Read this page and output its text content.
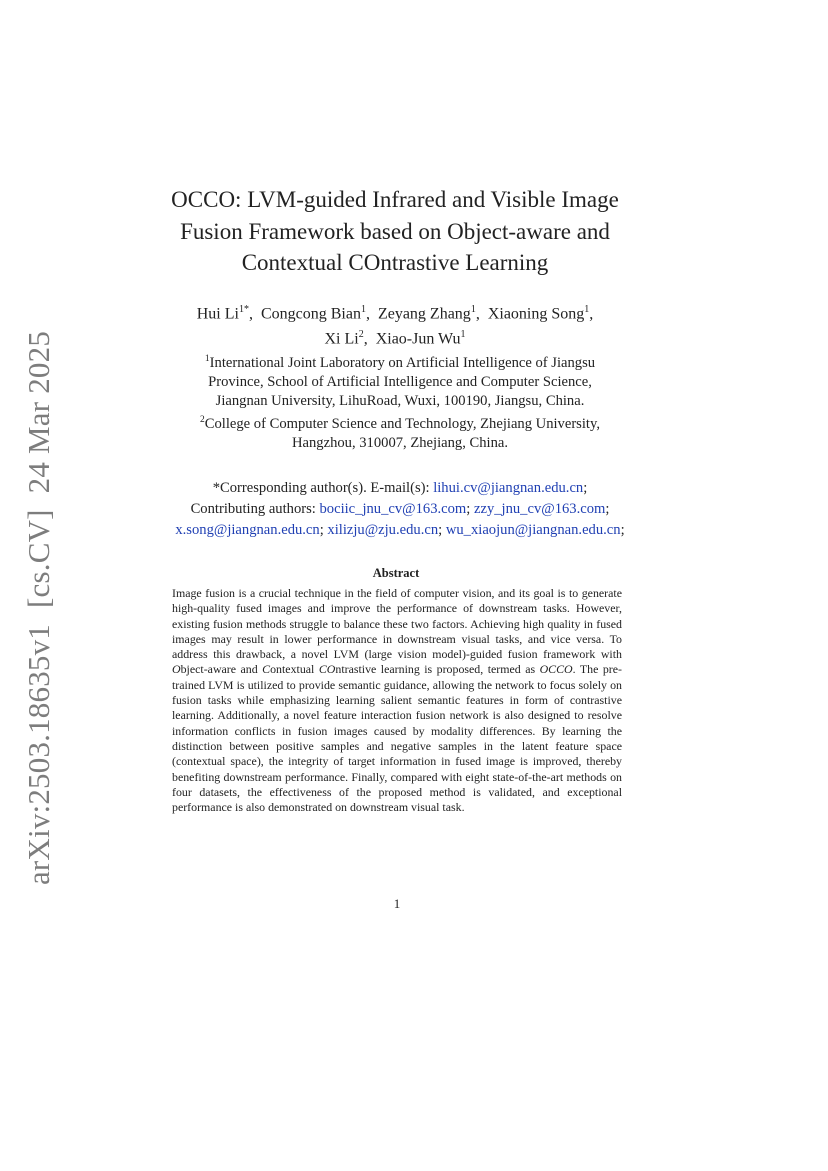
arXiv:2503.18635v1[cs.CV]24 Mar 2025
OCCO: LVM-guided Infrared and Visible Image
Fusion Framework based on Object-aware and
Contextual COntrastive Learning
Hui $Li^{1*}$,  Congcong Bian$^1$,  Zeyang Zhang$^1$,  Xiaoning Song$^1$,
Xi Li$^2$,  Xiao-Jun Wu$^1$
$^1$International Joint Laboratory on Artificial Intelligence of Jiangsu
Province, School of Artificial Intelligence and Computer Science,
Jiangnan University, LihuRoad, Wuxi, 100190, Jiangsu, China.
$^2$College of Computer Science and Technology, Zhejiang University,
Hangzhou, 310007, Zhejiang, China.
*Corresponding author(s). E-mail(s): lihui.cv@jiangnan.edu.cn;
Contributing authors: bociic_jnu_cv@163.com; zzy_jnu_cv@163.com;
x.song@jiangnan.edu.cn; xilizju@zju.edu.cn; wu_xiaojun@jiangnan.edu.cn;
Abstract
Image fusion is a crucial technique in the field of computer vision, and its goal is to generate high-quality fused images and improve the performance of downstream tasks. However, existing fusion methods struggle to balance these two factors. Achieving high quality in fused images may result in lower performance in downstream visual tasks, and vice versa. To address this drawback, a novel LVM (large vision model)-guided fusion framework with Object-aware and Contextual COntrastive learning is proposed, termed as OCCO. The pre-trained LVM is utilized to provide semantic guidance, allowing the network to focus solely on fusion tasks while emphasizing learning salient semantic features in form of contrastive learning. Additionally, a novel feature interaction fusion network is also designed to resolve information conflicts in fusion images caused by modality differences. By learning the distinction between positive samples and negative samples in the latent feature space (contextual space), the integrity of target information in fused image is improved, thereby benefiting downstream performance. Finally, compared with eight state-of-the-art methods on four datasets, the effectiveness of the proposed method is validated, and exceptional performance is also demonstrated on downstream visual task.
1
